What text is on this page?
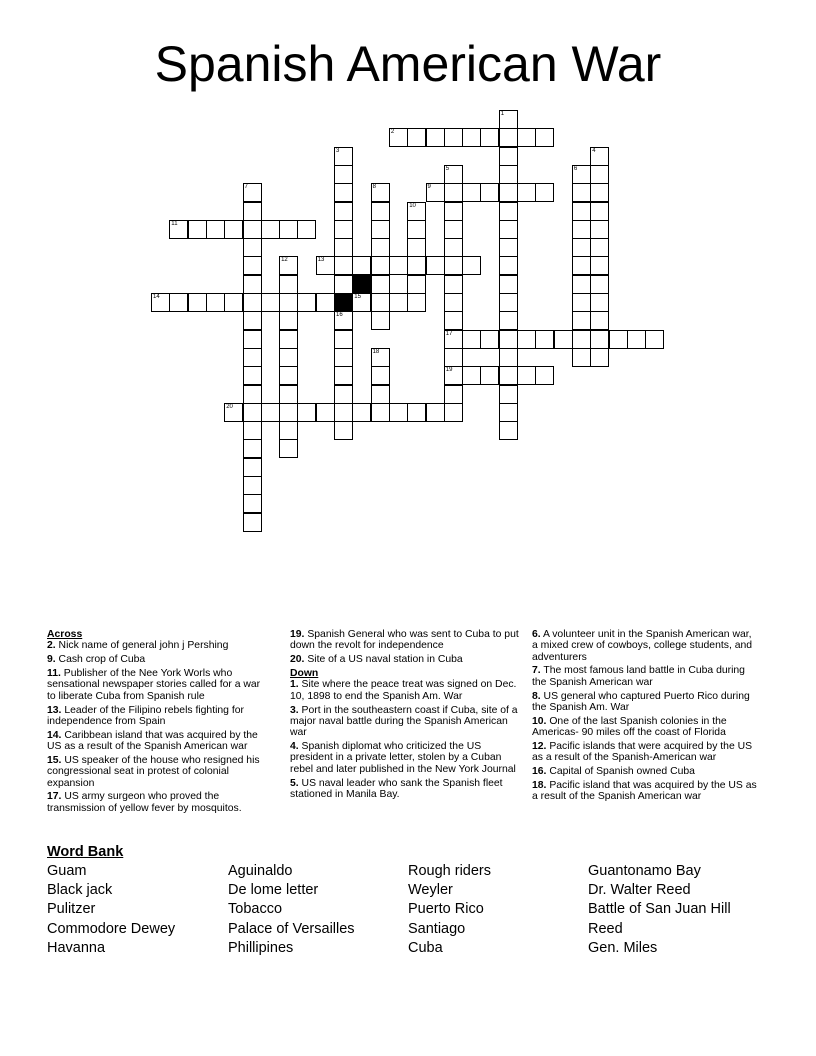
Spanish American War
1
2
3
16
4
5
17
19
6
7	8	9
10
11
12	13
14	15
18
20
Across
2. Nick name of general john j Pershing
9. Cash crop of Cuba
11. Publisher of the Nee York Worls who sensational newspaper stories called for a war to liberate Cuba from Spanish rule
13. Leader of the Filipino rebels fighting for independence from Spain
14. Caribbean island that was acquired by the US as a result of the Spanish American war
15. US speaker of the house who resigned his congressional seat in protest of colonial expansion
17. US army surgeon who proved the transmission of yellow fever by mosquitos.
19. Spanish General who was sent to Cuba to put down the revolt for independence
20. Site of a US naval station in Cuba
Down
1. Site where the peace treat was signed on Dec. 10, 1898 to end the Spanish Am. War
3. Port in the southeastern coast if Cuba, site of a major naval battle during the Spanish American war
4. Spanish diplomat who criticized the US president in a private letter, stolen by a Cuban rebel and later published in the New York Journal
5. US naval leader who sank the Spanish fleet stationed in Manila Bay.
6. A volunteer unit in the Spanish American war, a mixed crew of cowboys, college students, and adventurers
7. The most famous land battle in Cuba during the Spanish American war
8. US general who captured Puerto Rico during the Spanish Am. War
10. One of the last Spanish colonies in the Americas- 90 miles off the coast of Florida
12. Pacific islands that were acquired by the US as a result of the Spanish-American war
16. Capital of Spanish owned Cuba
18. Pacific island that was acquired by the US as a result of the Spanish American war
Word Bank
Guam
Black jack
Pulitzer
Commodore Dewey
Havanna
Aguinaldo
De lome letter
Tobacco
Palace of Versailles
Phillipines
Rough riders
Weyler
Puerto Rico
Santiago
Cuba
Guantonamo Bay
Dr. Walter Reed
Battle of San Juan Hill
Reed
Gen. Miles
